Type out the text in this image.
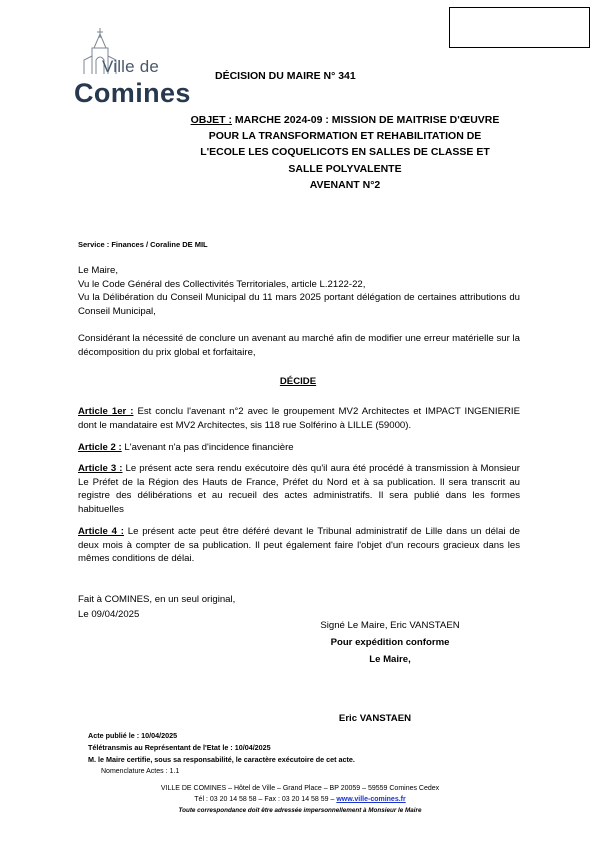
Ville de
Comines
DÉCISION DU MAIRE N° 341
OBJET : MARCHE 2024-09 : MISSION DE MAITRISE D'ŒUVRE
POUR LA TRANSFORMATION ET REHABILITATION DE
L'ECOLE LES COQUELICOTS EN SALLES DE CLASSE ET
SALLE POLYVALENTE
AVENANT N°2
Service : Finances / Coraline DE MIL
Le Maire,
Vu le Code Général des Collectivités Territoriales, article L.2122-22,
Vu la Délibération du Conseil Municipal du 11 mars 2025 portant délégation de certaines attributions du Conseil Municipal,
Considérant la nécessité de conclure un avenant au marché afin de modifier une erreur matérielle sur la décomposition du prix global et forfaitaire,
DÉCIDE
Article 1er : Est conclu l'avenant n°2 avec le groupement MV2 Architectes et IMPACT INGENIERIE dont le mandataire est MV2 Architectes, sis 118 rue Solférino à LILLE (59000).
Article 2 : L'avenant n'a pas d'incidence financière
Article 3 : Le présent acte sera rendu exécutoire dès qu'il aura été procédé à transmission à Monsieur Le Préfet de la Région des Hauts de France, Préfet du Nord et à sa publication. Il sera transcrit au registre des délibérations et au recueil des actes administratifs. Il sera publié dans les formes habituelles
Article 4 : Le présent acte peut être déféré devant le Tribunal administratif de Lille dans un délai de deux mois à compter de sa publication. Il peut également faire l'objet d'un recours gracieux dans les mêmes conditions de délai.
Fait à COMINES, en un seul original,
Le 09/04/2025
Signé Le Maire, Eric VANSTAEN
Pour expédition conforme
Le Maire,
Eric VANSTAEN
Acte publié le : 10/04/2025
Télétransmis au Représentant de l'Etat le : 10/04/2025
M. le Maire certifie, sous sa responsabilité, le caractère exécutoire de cet acte.
Nomenclature Actes : 1.1
VILLE DE COMINES – Hôtel de Ville – Grand Place – BP 20059 – 59559 Comines Cedex
Tél : 03 20 14 58 58 – Fax : 03 20 14 58 59 – www.ville-comines.fr
Toute correspondance doit être adressée impersonnellement à Monsieur le Maire
